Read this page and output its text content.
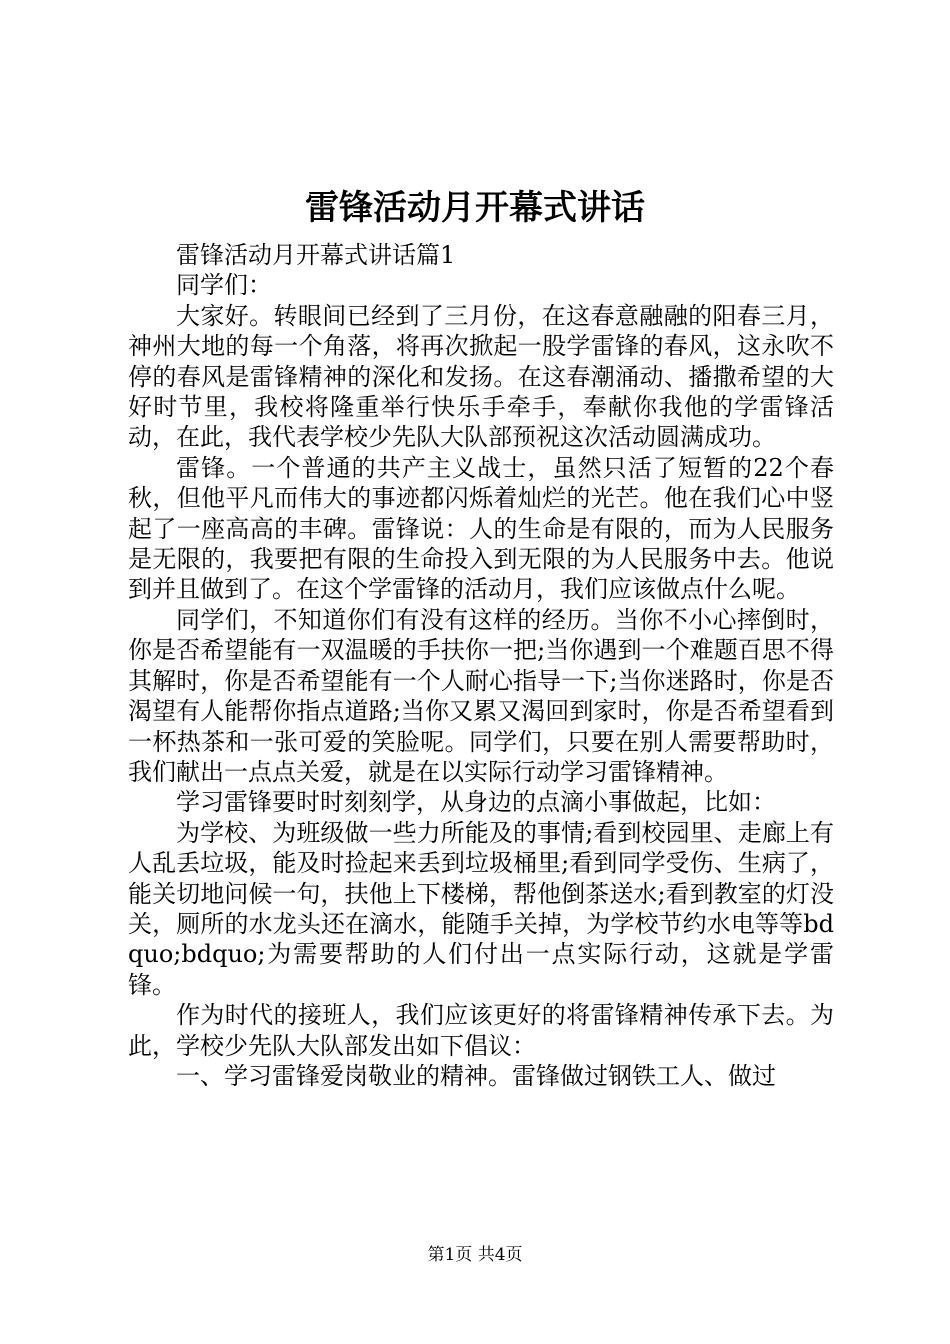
雷锋活动月开幕式讲话

雷锋活动月开幕式讲话篇1

同学们：

大家好。转眼间已经到了三月份，在这春意融融的阳春三月，神州大地的每一个角落，将再次掀起一股学雷锋的春风，这永吹不停的春风是雷锋精神的深化和发扬。在这春潮涌动、播撒希望的大好时节里，我校将隆重举行快乐手牵手，奉献你我他的学雷锋活动，在此，我代表学校少先队大队部预祝这次活动圆满成功。

雷锋。一个普通的共产主义战士，虽然只活了短暂的22个春秋，但他平凡而伟大的事迹都闪烁着灿烂的光芒。他在我们心中竖起了一座高高的丰碑。雷锋说：人的生命是有限的，而为人民服务是无限的，我要把有限的生命投入到无限的为人民服务中去。他说到并且做到了。在这个学雷锋的活动月，我们应该做点什么呢。

同学们，不知道你们有没有这样的经历。当你不小心摔倒时，你是否希望能有一双温暖的手扶你一把;当你遇到一个难题百思不得其解时，你是否希望能有一个人耐心指导一下;当你迷路时，你是否渴望有人能帮你指点道路;当你又累又渴回到家时，你是否希望看到一杯热茶和一张可爱的笑脸呢。同学们，只要在别人需要帮助时，我们献出一点点关爱，就是在以实际行动学习雷锋精神。

学习雷锋要时时刻刻学，从身边的点滴小事做起，比如：

为学校、为班级做一些力所能及的事情;看到校园里、走廊上有人乱丢垃圾，能及时捡起来丢到垃圾桶里;看到同学受伤、生病了，能关切地问候一句，扶他上下楼梯，帮他倒茶送水;看到教室的灯没关，厕所的水龙头还在滴水，能随手关掉，为学校节约水电等等bdquo;bdquo;为需要帮助的人们付出一点实际行动，这就是学雷锋。

作为时代的接班人，我们应该更好的将雷锋精神传承下去。为此，学校少先队大队部发出如下倡议：

一、学习雷锋爱岗敬业的精神。雷锋做过钢铁工人、做过

第1页 共4页
